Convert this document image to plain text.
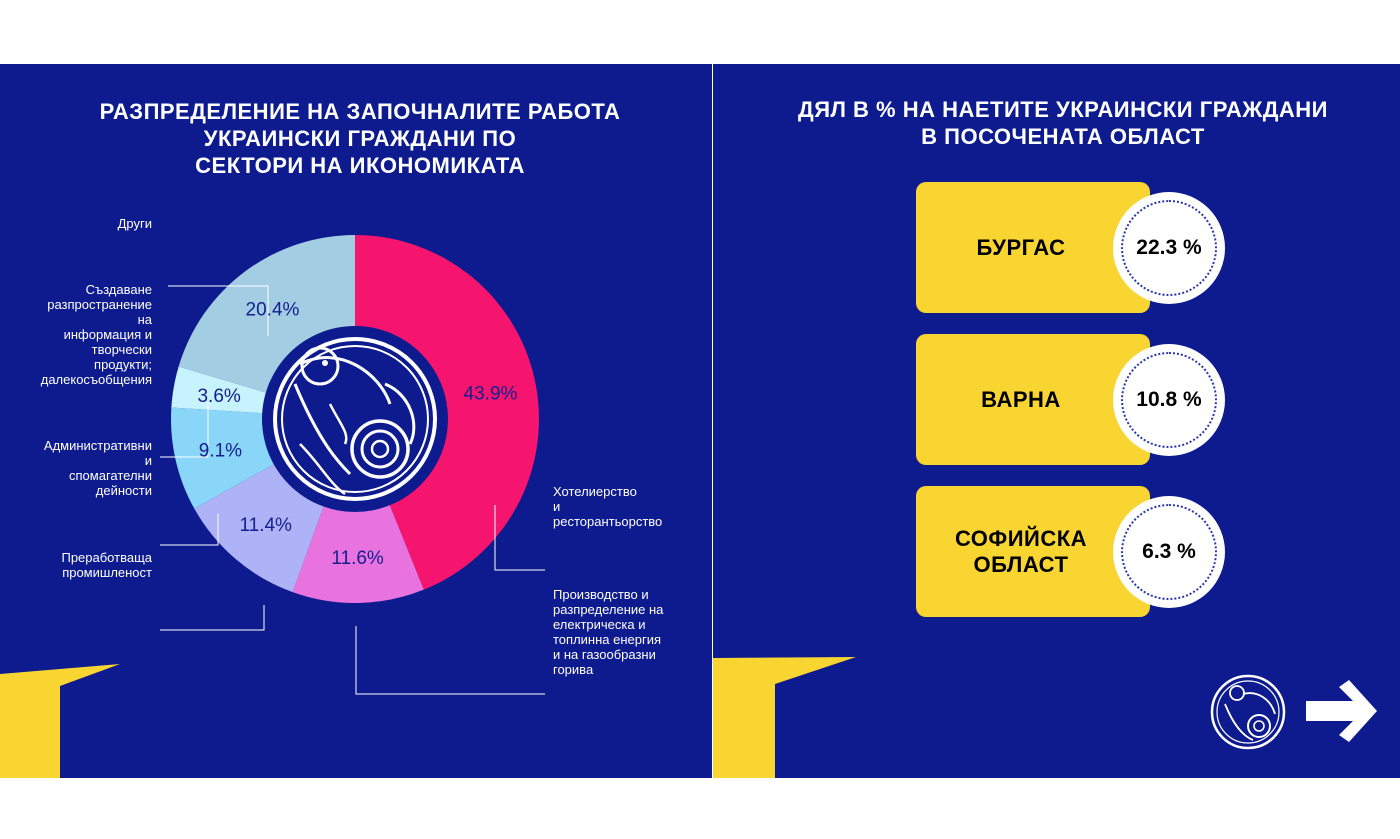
РАЗПРЕДЕЛЕНИЕ НА ЗАПОЧНАЛИТЕ РАБОТА
УКРАИНСКИ ГРАЖДАНИ ПО
СЕКТОРИ НА ИКОНОМИКАТА
43.9%
11.6%
11.4%
9.1%
3.6%
20.4%
Хотелиерство
и
ресторантьорство
Производство и
разпределение на
електрическа и
топлинна енергия
и на газообразни
горива
Преработваща
промишленост
Административни
и
спомагателни
дейности
Създаване
разпространение
на
информация и
творчески
продукти;
далекосъобщения
Други
ДЯЛ В % НА НАЕТИТЕ УКРАИНСКИ ГРАЖДАНИ
В ПОСОЧЕНАТА ОБЛАСТ
БУРГАС	22.3 %
ВАРНА	10.8 %
СОФИЙСКА
ОБЛАСТ	6.3 %
